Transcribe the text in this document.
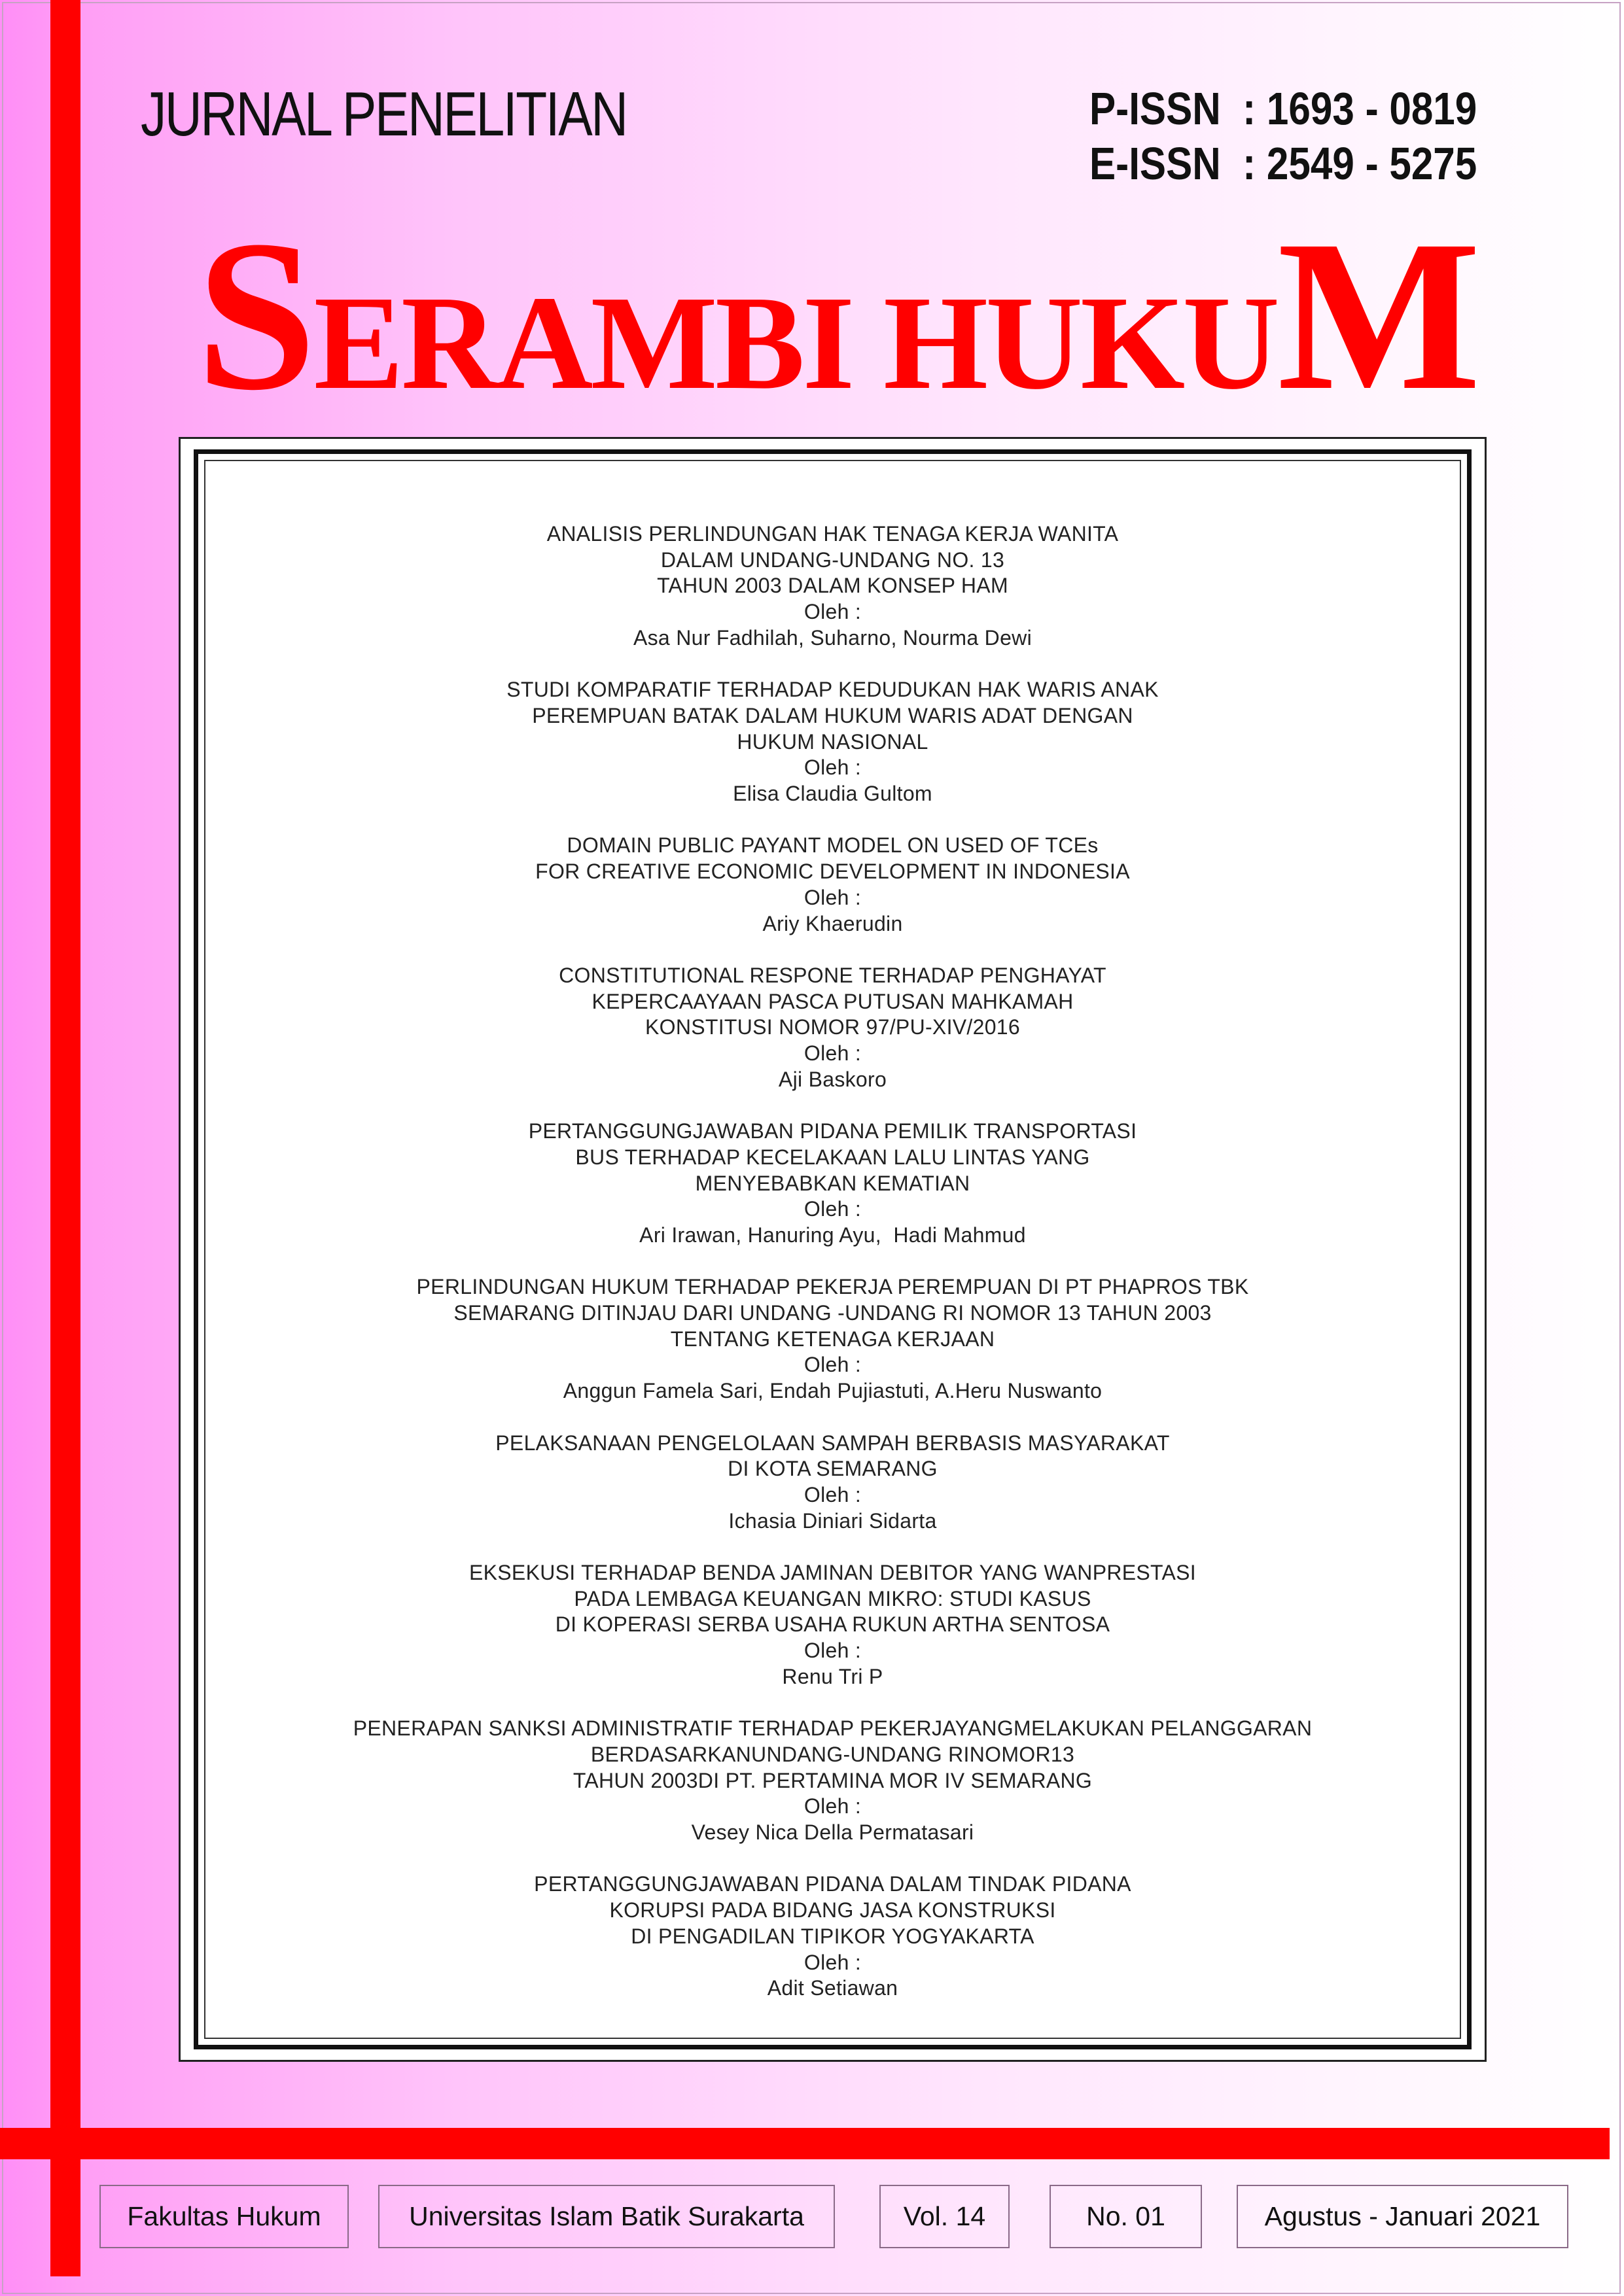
JURNAL PENELITIAN	P-ISSN  : 1693 - 0819
E-ISSN  : 2549 - 5275
SERAMBI HUKUM
ANALISIS PERLINDUNGAN HAK TENAGA KERJA WANITA
DALAM UNDANG-UNDANG NO. 13
TAHUN 2003 DALAM KONSEP HAM
Oleh :
Asa Nur Fadhilah, Suharno, Nourma Dewi
STUDI KOMPARATIF TERHADAP KEDUDUKAN HAK WARIS ANAK
PEREMPUAN BATAK DALAM HUKUM WARIS ADAT DENGAN
HUKUM NASIONAL
Oleh :
Elisa Claudia Gultom
DOMAIN PUBLIC PAYANT MODEL ON USED OF TCEs
FOR CREATIVE ECONOMIC DEVELOPMENT IN INDONESIA
Oleh :
Ariy Khaerudin
CONSTITUTIONAL RESPONE TERHADAP PENGHAYAT
KEPERCAAYAAN PASCA PUTUSAN MAHKAMAH
KONSTITUSI NOMOR 97/PU-XIV/2016
Oleh :
Aji Baskoro
PERTANGGUNGJAWABAN PIDANA PEMILIK TRANSPORTASI
BUS TERHADAP KECELAKAAN LALU LINTAS YANG
MENYEBABKAN KEMATIAN
Oleh :
Ari Irawan, Hanuring Ayu,  Hadi Mahmud
PERLINDUNGAN HUKUM TERHADAP PEKERJA PEREMPUAN DI PT PHAPROS TBK
SEMARANG DITINJAU DARI UNDANG -UNDANG RI NOMOR 13 TAHUN 2003
TENTANG KETENAGA KERJAAN
Oleh :
Anggun Famela Sari, Endah Pujiastuti, A.Heru Nuswanto
PELAKSANAAN PENGELOLAAN SAMPAH BERBASIS MASYARAKAT
DI KOTA SEMARANG
Oleh :
Ichasia Diniari Sidarta
EKSEKUSI TERHADAP BENDA JAMINAN DEBITOR YANG WANPRESTASI
PADA LEMBAGA KEUANGAN MIKRO: STUDI KASUS
DI KOPERASI SERBA USAHA RUKUN ARTHA SENTOSA
Oleh :
Renu Tri P
PENERAPAN SANKSI ADMINISTRATIF TERHADAP PEKERJAYANGMELAKUKAN PELANGGARAN
BERDASARKANUNDANG-UNDANG RINOMOR13
TAHUN 2003DI PT. PERTAMINA MOR IV SEMARANG
Oleh :
Vesey Nica Della Permatasari
PERTANGGUNGJAWABAN PIDANA DALAM TINDAK PIDANA
KORUPSI PADA BIDANG JASA KONSTRUKSI
DI PENGADILAN TIPIKOR YOGYAKARTA
Oleh :
Adit Setiawan
Fakultas Hukum	Universitas Islam Batik Surakarta	Vol. 14	No. 01	Agustus - Januari 2021
